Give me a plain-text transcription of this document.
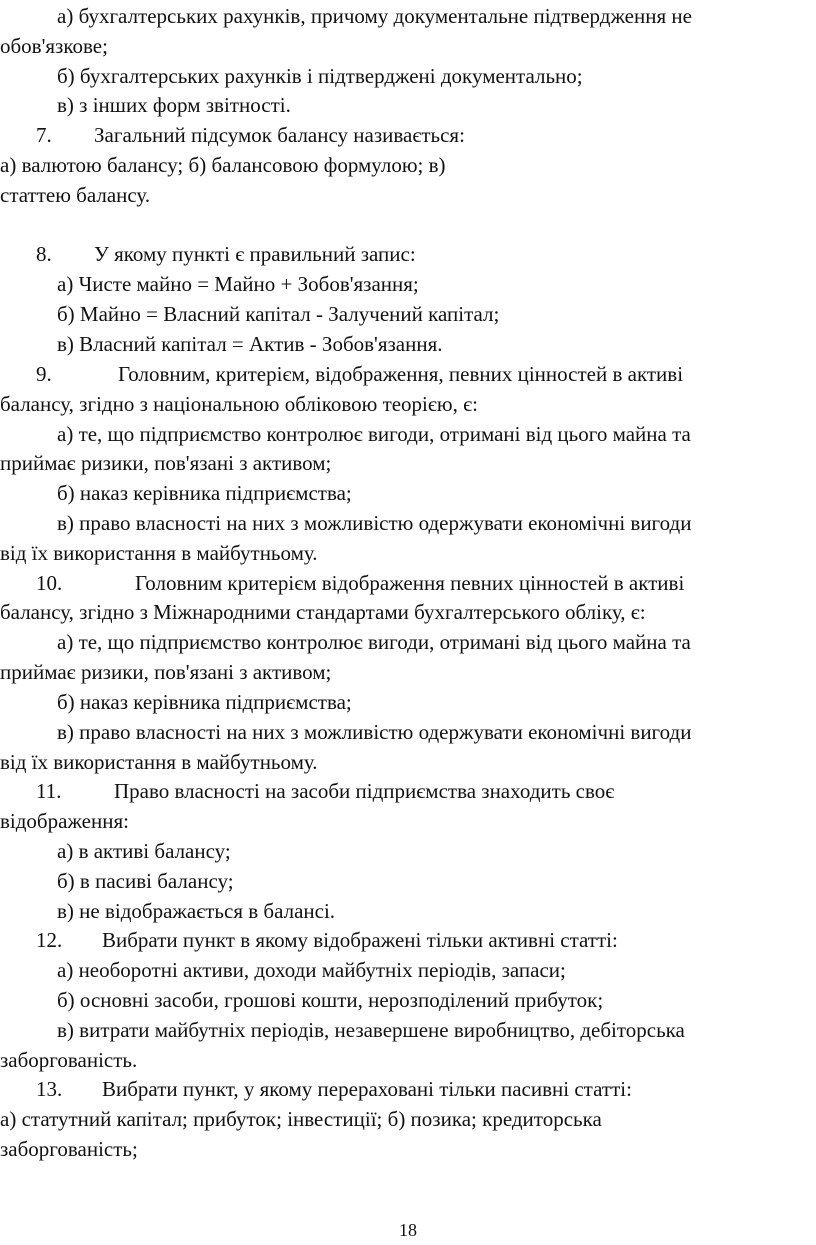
а) бухгалтерських рахунків, причому документальне підтвердження не
обов'язкове;
б) бухгалтерських рахунків і підтверджені документально;
в) з інших форм звітності.
7. Загальний підсумок балансу називається:
а) валютою балансу; б) балансовою формулою; в)
статтею балансу.
8. У якому пункті є правильний запис:
а) Чисте майно = Майно + Зобов'язання;
б) Майно = Власний капітал - Залучений капітал;
в) Власний капітал = Актив - Зобов'язання.
9.	Головним, критерієм, відображення, певних цінностей в активі
балансу, згідно з національною обліковою теорією, є:
а) те, що підприємство контролює вигоди, отримані від цього майна та
приймає ризики, пов'язані з активом;
б) наказ керівника підприємства;
в) право власності на них з можливістю одержувати економічні вигоди
від їх використання в майбутньому.
10.	Головним критерієм відображення певних цінностей в активі
балансу, згідно з Міжнародними стандартами бухгалтерського обліку, є:
а) те, що підприємство контролює вигоди, отримані від цього майна та
приймає ризики, пов'язані з активом;
б) наказ керівника підприємства;
в) право власності на них з можливістю одержувати економічні вигоди
від їх використання в майбутньому.
11.	Право власності на засоби підприємства знаходить своє
відображення:
а) в активі балансу;
б) в пасиві балансу;
в) не відображається в балансі.
12. Вибрати пункт в якому відображені тільки активні статті:
а) необоротні активи, доходи майбутніх періодів, запаси;
б) основні засоби, грошові кошти, нерозподілений прибуток;
в) витрати майбутніх періодів, незавершене виробництво, дебіторська
заборгованість.
13. Вибрати пункт, у якому перераховані тільки пасивні статті:
а) статутний капітал; прибуток; інвестиції; б) позика; кредиторська
заборгованість;
18
